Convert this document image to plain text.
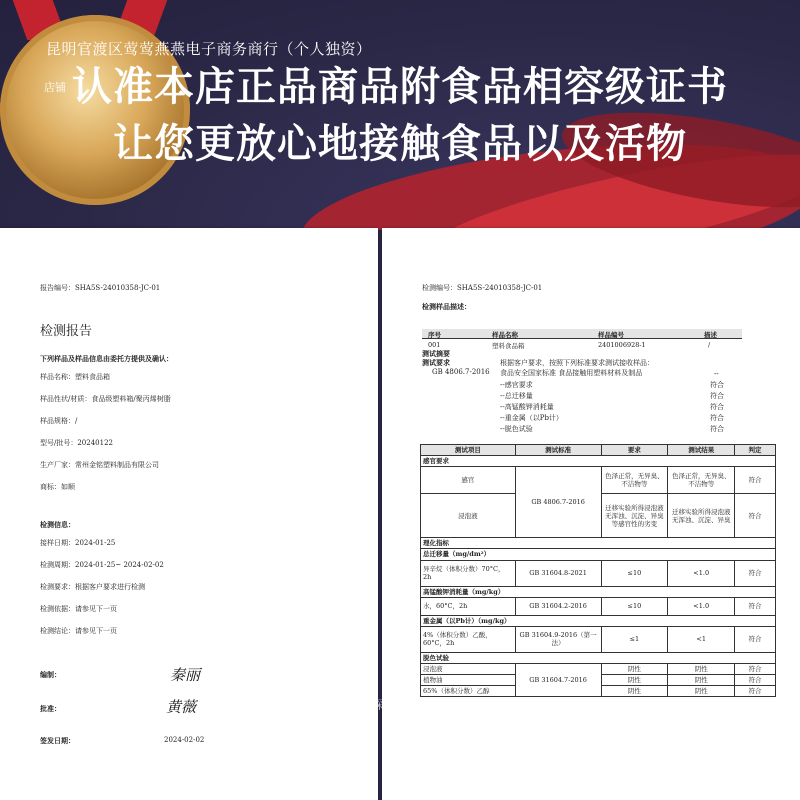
昆明官渡区莺莺燕燕电子商务商行（个人独资）
店铺 认准本店正品商品附食品相容级证书
让您更放心地接触食品以及活物
报告编号：SHA5S-24010358-JC-01
检测报告
下列样品及样品信息由委托方提供及确认：
样品名称：塑料食品箱
样品性状/材质：食品级塑料箱/聚丙烯树脂
样品规格：/
型号/批号：20240122
生产厂家：常州金铭塑料制品有限公司
商标：如顺
检测信息：
接样日期：2024-01-25
检测周期：2024-01-25~ 2024-02-02
检测要求：根据客户要求进行检测
检测依据：请参见下一页
检测结论：请参见下一页
编制：	秦丽
批准：	黄薇
签发日期：	2024-02-02
检测编号：SHA5S-24010358-JC-01
检测样品描述：
序号	样品名称	样品编号	描述
001	塑料食品箱	2401006928-1	/
测试摘要
测试要求	根据客户要求，按照下列标准要求测试接收样品：
GB 4806.7-2016 食品安全国家标准 食品接触用塑料材料及制品	--
--感官要求	符合
--总迁移量	符合
--高锰酸钾消耗量	符合
--重金属（以Pb计）	符合
--脱色试验	符合
测试项目	测试标准	要求	测试结果	判定
感官要求				
感官	GB 4806.7-2016	色泽正常，无异臭、不洁物等	色泽正常，无异臭、不洁物等	符合
浸泡液		迁移实验所得浸泡液无浑浊、沉淀、异臭等感官性的劣变	迁移实验所得浸泡液无浑浊、沉淀、异臭	符合
理化指标				
总迁移量（mg/dm²）				
异辛烷（体积分数）70°C，2h	GB 31604.8-2021	≤10	<1.0	符合
高锰酸钾消耗量（mg/kg）				
水，60°C，2h	GB 31604.2-2016	≤10	<1.0	符合
重金属（以Pb计）（mg/kg）				
4%（体积分数）乙酸，60°C，2h	GB 31604.9-2016（第一法）	≤1	<1	符合
脱色试验				
浸泡液	GB 31604.7-2016	阴性	阴性	符合
植物油		阴性	阴性	符合
65%（体积分数）乙醇		阴性	阴性	符合
深圳市恒达检测认证有限公司
